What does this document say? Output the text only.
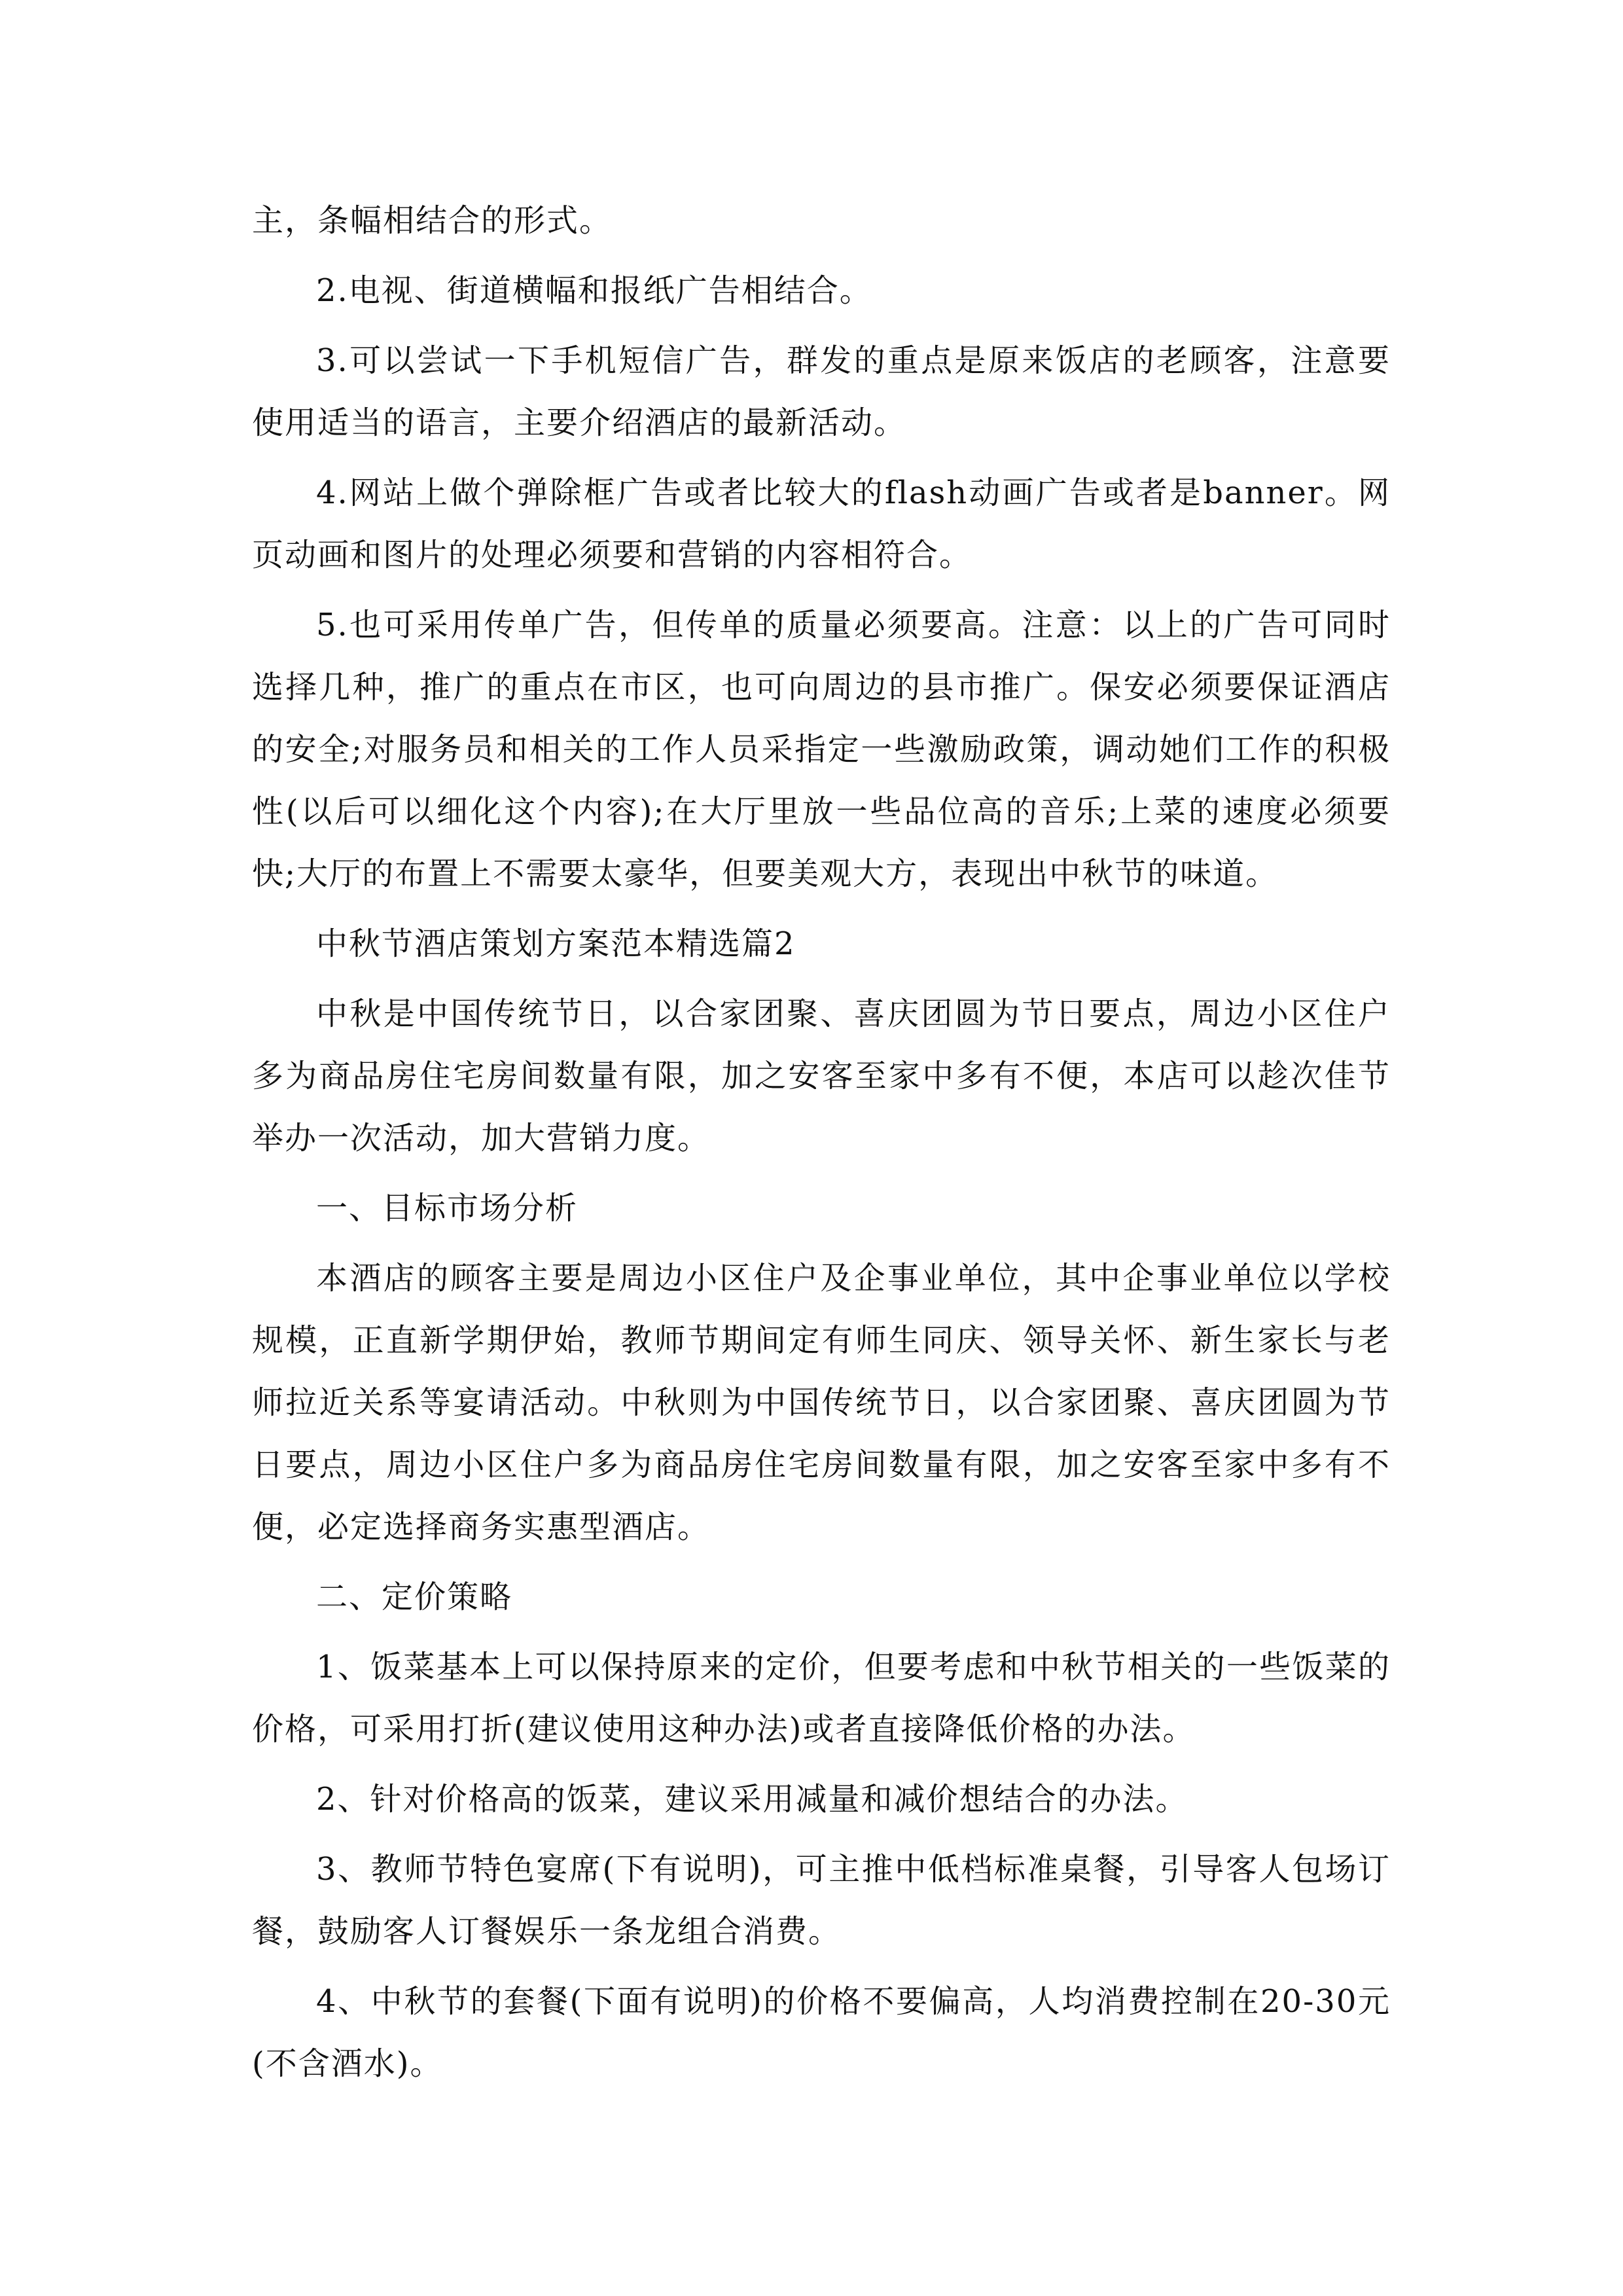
主，条幅相结合的形式。

2.电视、街道横幅和报纸广告相结合。

3.可以尝试一下手机短信广告，群发的重点是原来饭店的老顾客，注意要使用适当的语言，主要介绍酒店的最新活动。

4.网站上做个弹除框广告或者比较大的flash动画广告或者是banner。网页动画和图片的处理必须要和营销的内容相符合。

5.也可采用传单广告，但传单的质量必须要高。注意：以上的广告可同时选择几种，推广的重点在市区，也可向周边的县市推广。保安必须要保证酒店的安全;对服务员和相关的工作人员采指定一些激励政策，调动她们工作的积极性(以后可以细化这个内容);在大厅里放一些品位高的音乐;上菜的速度必须要快;大厅的布置上不需要太豪华，但要美观大方，表现出中秋节的味道。

中秋节酒店策划方案范本精选篇2

中秋是中国传统节日，以合家团聚、喜庆团圆为节日要点，周边小区住户多为商品房住宅房间数量有限，加之安客至家中多有不便，本店可以趁次佳节举办一次活动，加大营销力度。

一、目标市场分析

本酒店的顾客主要是周边小区住户及企事业单位，其中企事业单位以学校规模，正直新学期伊始，教师节期间定有师生同庆、领导关怀、新生家长与老师拉近关系等宴请活动。中秋则为中国传统节日，以合家团聚、喜庆团圆为节日要点，周边小区住户多为商品房住宅房间数量有限，加之安客至家中多有不便，必定选择商务实惠型酒店。

二、定价策略

1、饭菜基本上可以保持原来的定价，但要考虑和中秋节相关的一些饭菜的价格，可采用打折(建议使用这种办法)或者直接降低价格的办法。

2、针对价格高的饭菜，建议采用减量和减价想结合的办法。

3、教师节特色宴席(下有说明)，可主推中低档标准桌餐，引导客人包场订餐，鼓励客人订餐娱乐一条龙组合消费。

4、中秋节的套餐(下面有说明)的价格不要偏高，人均消费控制在20-30元(不含酒水)。
